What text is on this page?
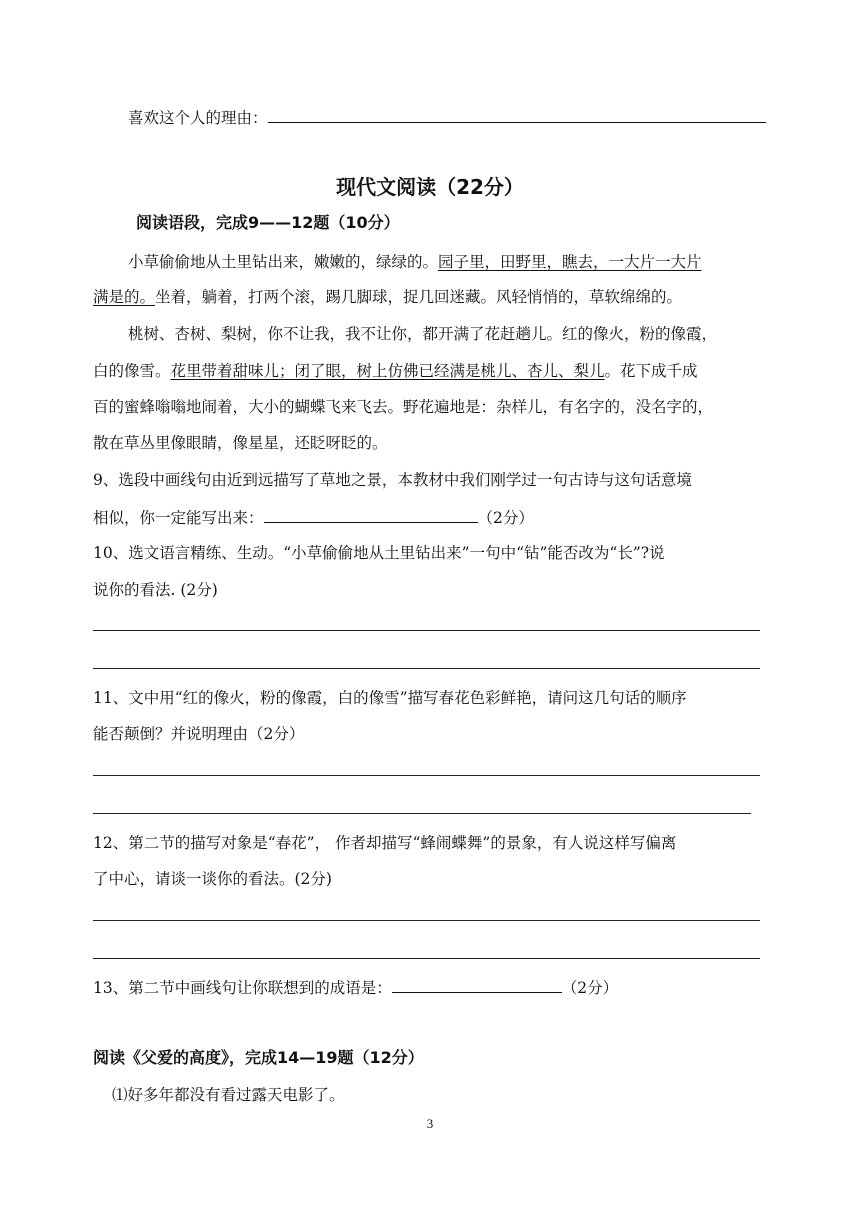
喜欢这个人的理由：
现代文阅读（22分）
阅读语段，完成9——12题（10分）
小草偷偷地从土里钻出来，嫩嫩的，绿绿的。园子里，田野里，瞧去，一大片一大片
满是的。坐着，躺着，打两个滚，踢几脚球，捉几回迷藏。风轻悄悄的，草软绵绵的。
桃树、杏树、梨树，你不让我，我不让你，都开满了花赶趟儿。红的像火，粉的像霞，
白的像雪。花里带着甜味儿；闭了眼，树上仿佛已经满是桃儿、杏儿、梨儿。花下成千成
百的蜜蜂嗡嗡地闹着，大小的蝴蝶飞来飞去。野花遍地是：杂样儿，有名字的，没名字的，
散在草丛里像眼睛，像星星，还眨呀眨的。
9、选段中画线句由近到远描写了草地之景，本教材中我们刚学过一句古诗与这句话意境
相似，你一定能写出来：	（2分）
10、选文语言精练、生动。“小草偷偷地从土里钻出来”一句中“钻”能否改为“长”?说
说你的看法. (2分)
11、文中用“红的像火，粉的像霞，白的像雪”描写春花色彩鲜艳，请问这几句话的顺序
能否颠倒？并说明理由（2分）
12、第二节的描写对象是“春花”， 作者却描写“蜂闹蝶舞”的景象，有人说这样写偏离
了中心，请谈一谈你的看法。(2分)
13、第二节中画线句让你联想到的成语是：	（2分）
阅读《父爱的高度》，完成14—19题（12分）
⑴好多年都没有看过露天电影了。
3
